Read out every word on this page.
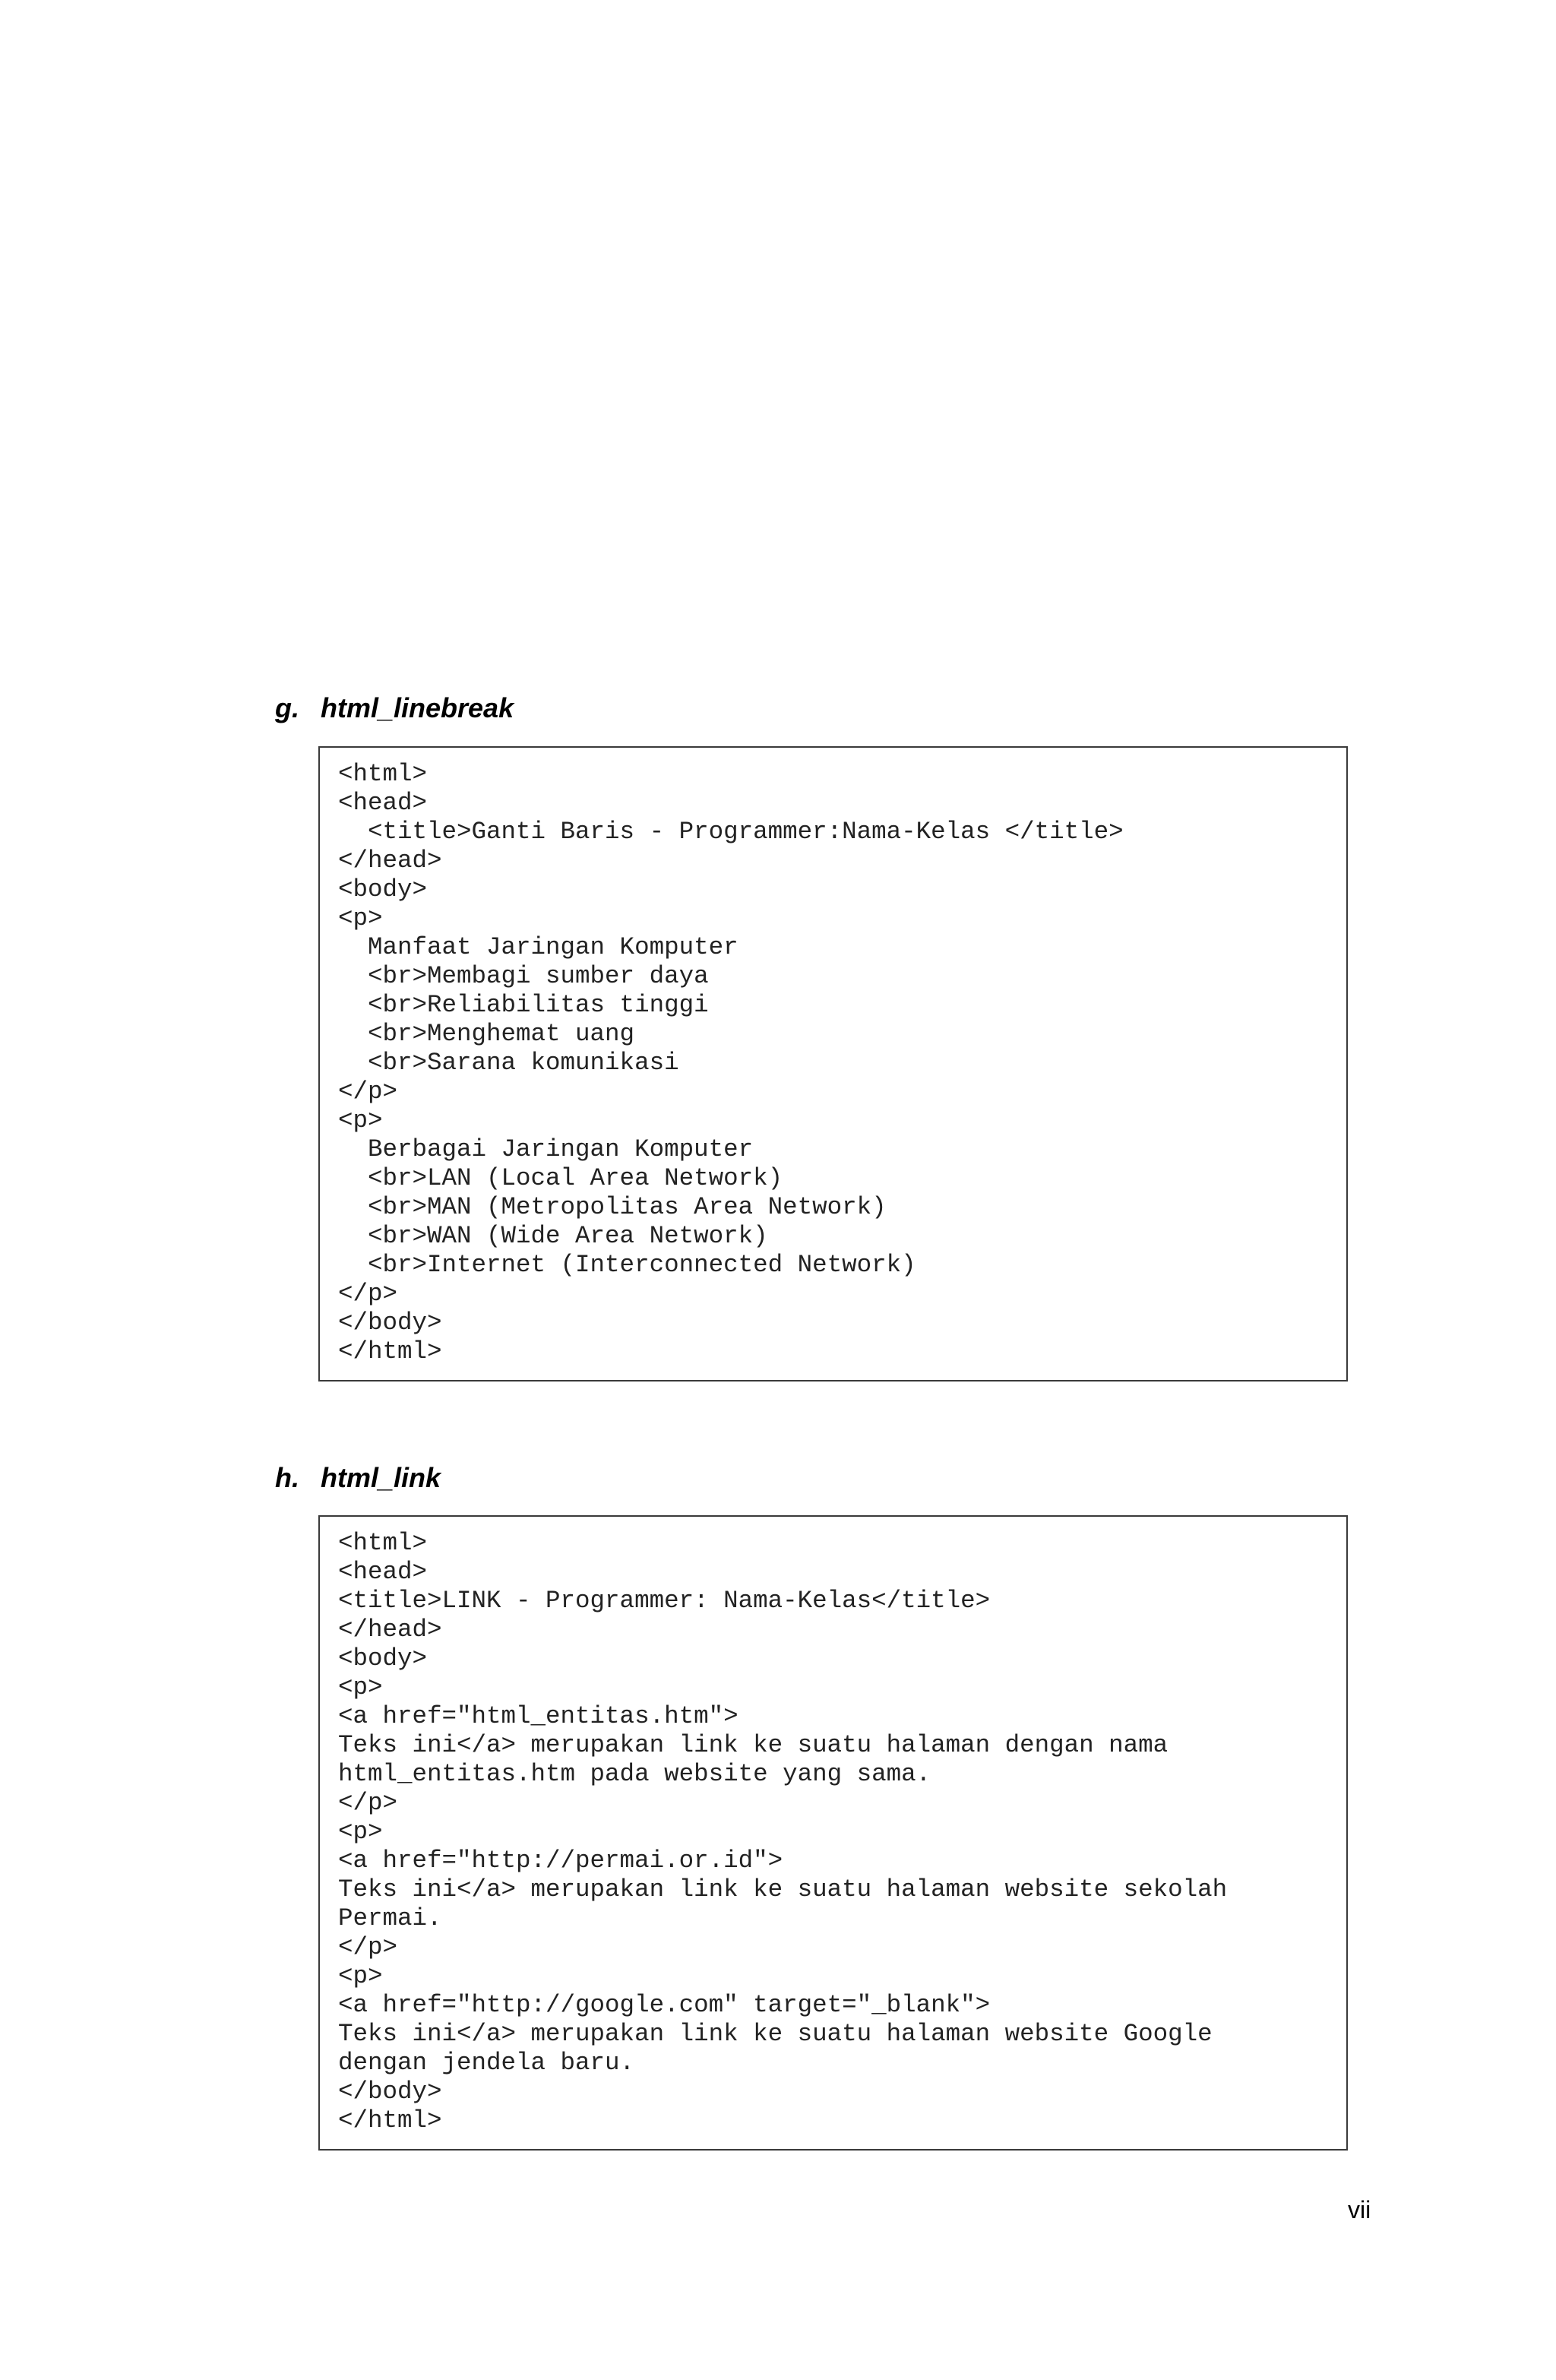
g. html_linebreak
<html>
<head>
<title>Ganti Baris - Programmer:Nama-Kelas </title>
</head>
<body>
<p>
Manfaat Jaringan Komputer
<br>Membagi sumber daya
<br>Reliabilitas tinggi
<br>Menghemat uang
<br>Sarana komunikasi
</p>
<p>
Berbagai Jaringan Komputer
<br>LAN (Local Area Network)
<br>MAN (Metropolitas Area Network)
<br>WAN (Wide Area Network)
<br>Internet (Interconnected Network)
</p>
</body>
</html>
h. html_link
<html>
<head>
<title>LINK - Programmer: Nama-Kelas</title>
</head>
<body>
<p>
<a href="html_entitas.htm">
Teks ini</a> merupakan link ke suatu halaman dengan nama
html_entitas.htm pada website yang sama.
</p>
<p>
<a href="http://permai.or.id">
Teks ini</a> merupakan link ke suatu halaman website sekolah
Permai.
</p>
<p>
<a href="http://google.com" target="_blank">
Teks ini</a> merupakan link ke suatu halaman website Google
dengan jendela baru.
</body>
</html>
vii
